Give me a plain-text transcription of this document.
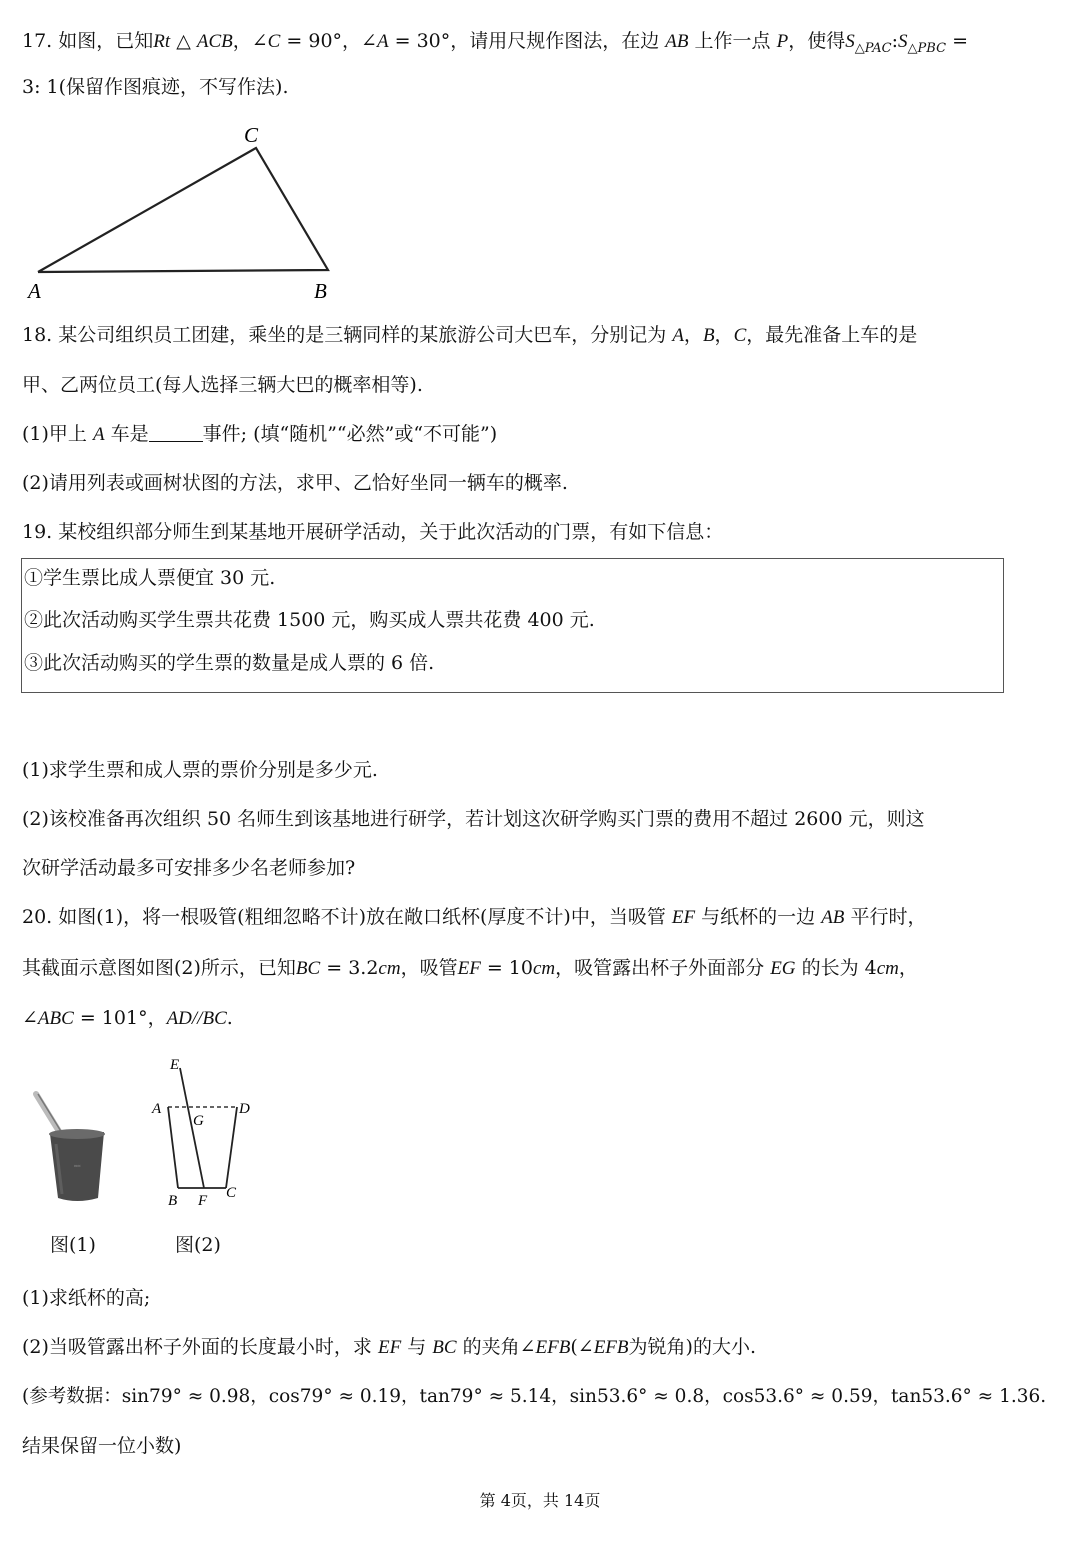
17. 如图，已知Rt △ ACB，∠C = 90°，∠A = 30°，请用尺规作图法，在边 AB 上作一点 P，使得$S_{\triangle PAC}:S_{\triangle PBC}$ =
3: 1(保留作图痕迹，不写作法).
C
A	B
18. 某公司组织员工团建，乘坐的是三辆同样的某旅游公司大巴车，分别记为 A，B，C，最先准备上车的是
甲、乙两位员工(每人选择三辆大巴的概率相等).
(1)甲上 A 车是	事件; (填“随机”“必然”或“不可能”)
(2)请用列表或画树状图的方法，求甲、乙恰好坐同一辆车的概率.
19. 某校组织部分师生到某基地开展研学活动，关于此次活动的门票，有如下信息：
①学生票比成人票便宜 30 元.
②此次活动购买学生票共花费 1500 元，购买成人票共花费 400 元.
③此次活动购买的学生票的数量是成人票的 6 倍.
(1)求学生票和成人票的票价分别是多少元.
(2)该校准备再次组织 50 名师生到该基地进行研学，若计划这次研学购买门票的费用不超过 2600 元，则这
次研学活动最多可安排多少名老师参加?
20. 如图(1)，将一根吸管(粗细忽略不计)放在敞口纸杯(厚度不计)中，当吸管 EF 与纸杯的一边 AB 平行时，
其截面示意图如图(2)所示，已知BC = 3.2cm，吸管EF = 10cm，吸管露出杯子外面部分 EG 的长为 4cm，
∠ABC = 101°，AD//BC.
≈≈
E
A
G
D
B F C
图(1)	图(2)
(1)求纸杯的高;
(2)当吸管露出杯子外面的长度最小时，求 EF 与 BC 的夹角∠EFB(∠EFB为锐角)的大小.
(参考数据：sin79° ≈ 0.98，cos79° ≈ 0.19，tan79° ≈ 5.14，sin53.6° ≈ 0.8，cos53.6° ≈ 0.59，tan53.6° ≈ 1.36.
结果保留一位小数)
第 4页，共 14页
